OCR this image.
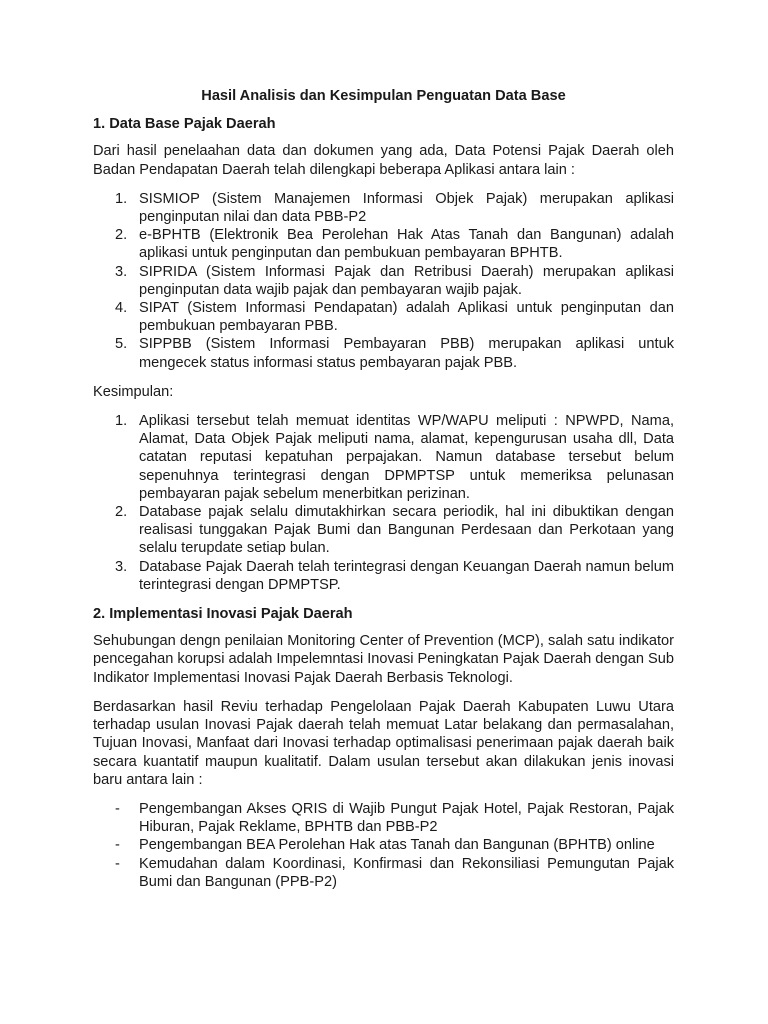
Hasil Analisis dan Kesimpulan Penguatan Data Base
1. Data Base Pajak Daerah

Dari hasil penelaahan data dan dokumen yang ada, Data Potensi Pajak Daerah oleh Badan Pendapatan Daerah telah dilengkapi beberapa Aplikasi antara lain :

1. SISMIOP (Sistem Manajemen Informasi Objek Pajak) merupakan aplikasi penginputan nilai dan data PBB-P2
2. e-BPHTB (Elektronik Bea Perolehan Hak Atas Tanah dan Bangunan) adalah aplikasi untuk penginputan dan pembukuan pembayaran BPHTB.
3. SIPRIDA (Sistem Informasi Pajak dan Retribusi Daerah) merupakan aplikasi penginputan data wajib pajak dan pembayaran wajib pajak.
4. SIPAT (Sistem Informasi Pendapatan) adalah Aplikasi untuk penginputan dan pembukuan pembayaran PBB.
5. SIPPBB (Sistem Informasi Pembayaran PBB) merupakan aplikasi untuk mengecek status informasi status pembayaran pajak PBB.

Kesimpulan:

1. Aplikasi tersebut telah memuat identitas WP/WAPU meliputi : NPWPD, Nama, Alamat, Data Objek Pajak meliputi nama, alamat, kepengurusan usaha dll, Data catatan reputasi kepatuhan perpajakan. Namun database tersebut belum sepenuhnya terintegrasi dengan DPMPTSP untuk memeriksa pelunasan pembayaran pajak sebelum menerbitkan perizinan.
2. Database pajak selalu dimutakhirkan secara periodik, hal ini dibuktikan dengan realisasi tunggakan Pajak Bumi dan Bangunan Perdesaan dan Perkotaan yang selalu terupdate setiap bulan.
3. Database Pajak Daerah telah terintegrasi dengan Keuangan Daerah namun belum terintegrasi dengan DPMPTSP.
2. Implementasi Inovasi Pajak Daerah

Sehubungan dengn penilaian Monitoring Center of Prevention (MCP), salah satu indikator pencegahan korupsi adalah Impelemntasi Inovasi Peningkatan Pajak Daerah dengan Sub Indikator Implementasi Inovasi Pajak Daerah Berbasis Teknologi.

Berdasarkan hasil Reviu terhadap Pengelolaan Pajak Daerah Kabupaten Luwu Utara terhadap usulan Inovasi Pajak daerah telah memuat Latar belakang dan permasalahan, Tujuan Inovasi, Manfaat dari Inovasi terhadap optimalisasi penerimaan pajak daerah baik secara kuantatif maupun kualitatif. Dalam usulan tersebut akan dilakukan jenis inovasi baru antara lain :

- Pengembangan Akses QRIS di Wajib Pungut Pajak Hotel, Pajak Restoran, Pajak Hiburan, Pajak Reklame, BPHTB dan PBB-P2
- Pengembangan BEA Perolehan Hak atas Tanah dan Bangunan (BPHTB) online
- Kemudahan dalam Koordinasi, Konfirmasi dan Rekonsiliasi Pemungutan Pajak Bumi dan Bangunan (PPB-P2)
